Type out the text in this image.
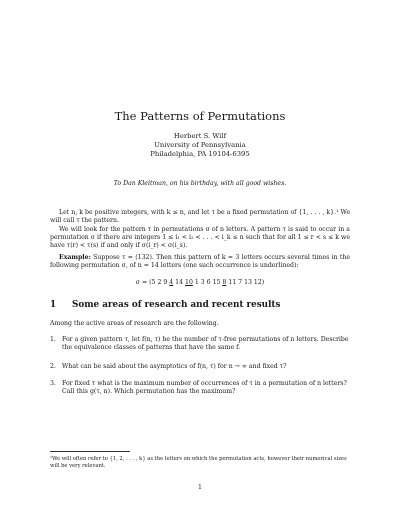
The Patterns of Permutations
Herbert S. Wilf
University of Pennsylvania
Philadelphia, PA 19104-6395
To Dan Kleitman, on his birthday, with all good wishes.
Let n, k be positive integers, with k ≤ n, and let τ be a fixed permutation of {1, . . . , k}.¹ We will call τ the pattern.
We will look for the pattern τ in permutations σ of n letters. A pattern τ is said to occur in a permutation σ if there are integers 1 ≤ i₁ < i₂ < . . . < i_k ≤ n such that for all 1 ≤ r < s ≤ k we have τ(r) < τ(s) if and only if σ(i_r) < σ(i_s).
Example: Suppose τ = (132). Then this pattern of k = 3 letters occurs several times in the following permutation σ, of n = 14 letters (one such occurrence is underlined):
σ = (5 2 9 4 14 10 1 3 6 15 8 11 7 13 12)
1 Some areas of research and recent results
Among the active areas of research are the following.
1. For a given pattern τ, let f(n, τ) be the number of τ-free permutations of n letters. Describe the equivalence classes of patterns that have the same f.
2. What can be said about the asymptotics of f(n, τ) for n → ∞ and fixed τ?
3. For fixed τ what is the maximum number of occurrences of τ in a permutation of n letters? Call this g(τ, n). Which permutation has the maximum?
¹We will often refer to {1, 2, . . . , k} as the letters on which the permutation acts, however their numerical sizes will be very relevant.
1
